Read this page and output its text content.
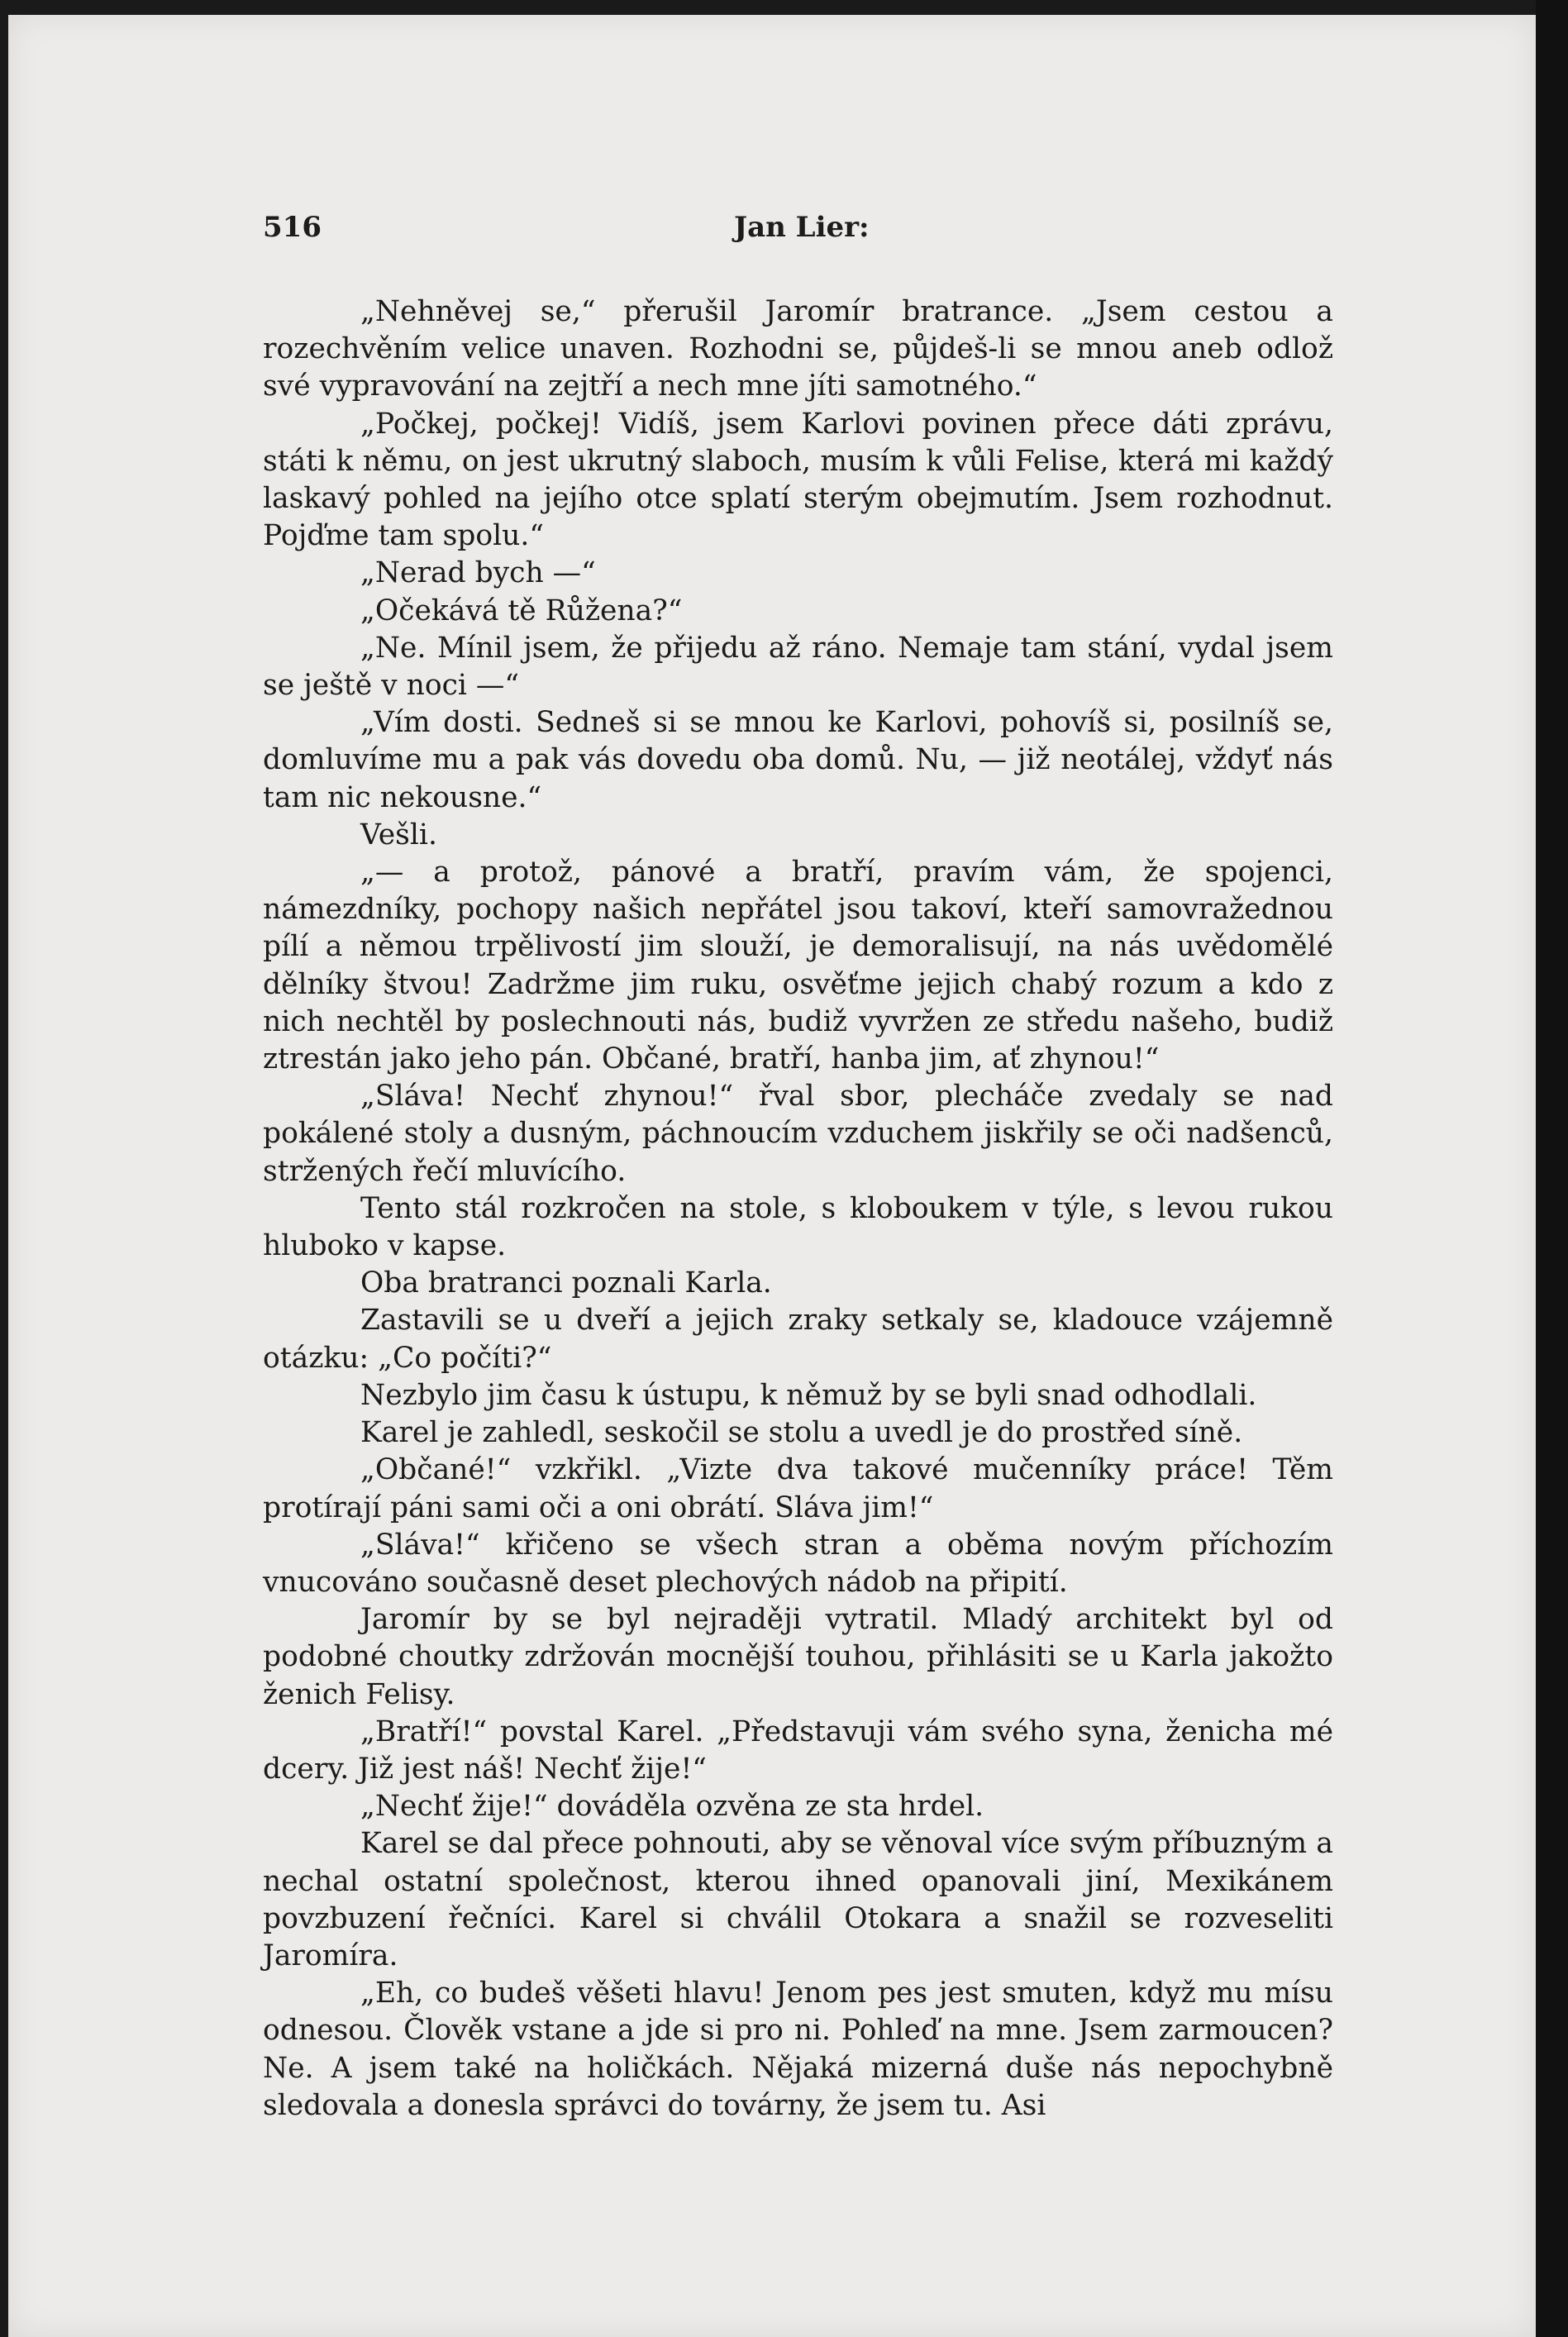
516	Jan Lier:

„Nehněvej se,“ přerušil Jaromír bratrance. „Jsem cestou a rozechvěním velice unaven. Rozhodni se, půjdeš-li se mnou aneb odlož své vypravování na zejtří a nech mne jíti samotného.“

„Počkej, počkej! Vidíš, jsem Karlovi povinen přece dáti zprávu, státi k němu, on jest ukrutný slaboch, musím k vůli Felise, která mi každý laskavý pohled na jejího otce splatí sterým obejmutím. Jsem rozhodnut. Pojďme tam spolu.“

„Nerad bych —“

„Očekává tě Růžena?“

„Ne. Mínil jsem, že přijedu až ráno. Nemaje tam stání, vydal jsem se ještě v noci —“

„Vím dosti. Sedneš si se mnou ke Karlovi, pohovíš si, posilníš se, domluvíme mu a pak vás dovedu oba domů. Nu, — již neotálej, vždyť nás tam nic nekousne.“

Vešli.

„— a protož, pánové a bratří, pravím vám, že spojenci, námezdníky, pochopy našich nepřátel jsou takoví, kteří samovražednou pílí a němou trpělivostí jim slouží, je demoralisují, na nás uvědomělé dělníky štvou! Zadržme jim ruku, osvěťme jejich chabý rozum a kdo z nich nechtěl by poslechnouti nás, budiž vyvržen ze středu našeho, budiž ztrestán jako jeho pán. Občané, bratří, hanba jim, ať zhynou!“

„Sláva! Nechť zhynou!“ řval sbor, plecháče zvedaly se nad pokálené stoly a dusným, páchnoucím vzduchem jiskřily se oči nadšenců, stržených řečí mluvícího.

Tento stál rozkročen na stole, s kloboukem v týle, s levou rukou hluboko v kapse.

Oba bratranci poznali Karla.

Zastavili se u dveří a jejich zraky setkaly se, kladouce vzájemně otázku: „Co počíti?“

Nezbylo jim času k ústupu, k němuž by se byli snad odhodlali.

Karel je zahledl, seskočil se stolu a uvedl je do prostřed síně.

„Občané!“ vzkřikl. „Vizte dva takové mučenníky práce! Těm protírají páni sami oči a oni obrátí. Sláva jim!“

„Sláva!“ křičeno se všech stran a oběma novým příchozím vnucováno současně deset plechových nádob na připití.

Jaromír by se byl nejraději vytratil. Mladý architekt byl od podobné choutky zdržován mocnější touhou, přihlásiti se u Karla jakožto ženich Felisy.

„Bratří!“ povstal Karel. „Představuji vám svého syna, ženicha mé dcery. Již jest náš! Nechť žije!“

„Nechť žije!“ dováděla ozvěna ze sta hrdel.

Karel se dal přece pohnouti, aby se věnoval více svým příbuzným a nechal ostatní společnost, kterou ihned opanovali jiní, Mexikánem povzbuzení řečníci. Karel si chválil Otokara a snažil se rozveseliti Jaromíra.

„Eh, co budeš věšeti hlavu! Jenom pes jest smuten, když mu mísu odnesou. Člověk vstane a jde si pro ni. Pohleď na mne. Jsem zarmoucen? Ne. A jsem také na holičkách. Nějaká mizerná duše nás nepochybně sledovala a donesla správci do továrny, že jsem tu. Asi
